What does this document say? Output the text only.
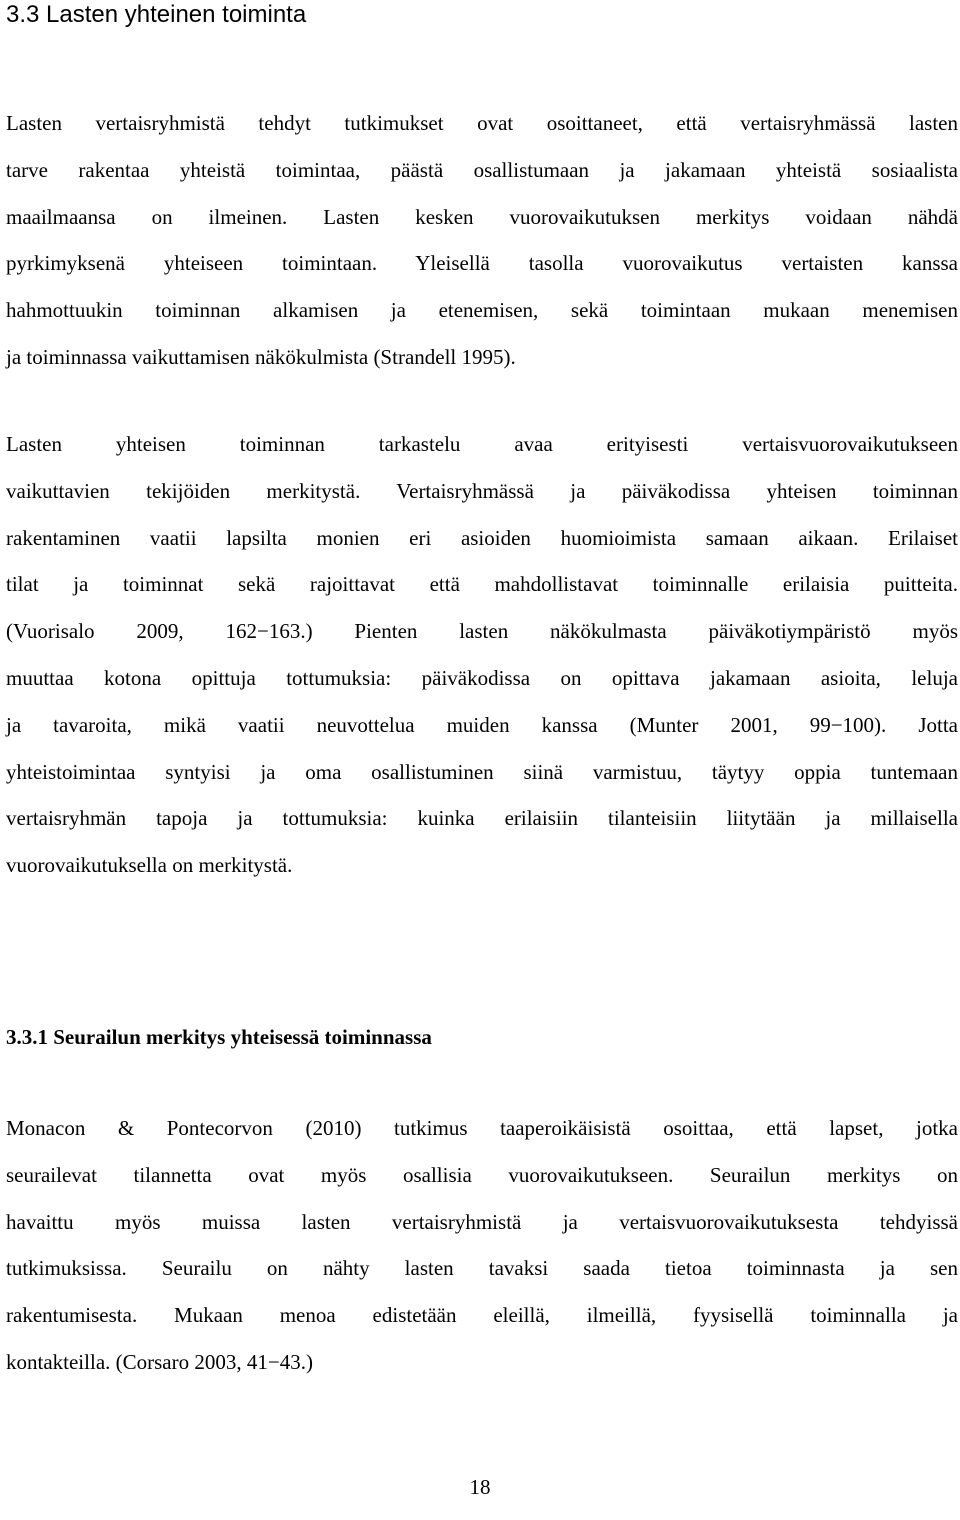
3.3 Lasten yhteinen toiminta

Lasten vertaisryhmistä tehdyt tutkimukset ovat osoittaneet, että vertaisryhmässä lasten
tarve rakentaa yhteistä toimintaa, päästä osallistumaan ja jakamaan yhteistä sosiaalista
maailmaansa on ilmeinen. Lasten kesken vuorovaikutuksen merkitys voidaan nähdä
pyrkimyksenä yhteiseen toimintaan. Yleisellä tasolla vuorovaikutus vertaisten kanssa
hahmottuukin toiminnan alkamisen ja etenemisen, sekä toimintaan mukaan menemisen
ja toiminnassa vaikuttamisen näkökulmista (Strandell 1995).

Lasten yhteisen toiminnan tarkastelu avaa erityisesti vertaisvuorovaikutukseen
vaikuttavien tekijöiden merkitystä. Vertaisryhmässä ja päiväkodissa yhteisen toiminnan
rakentaminen vaatii lapsilta monien eri asioiden huomioimista samaan aikaan. Erilaiset
tilat ja toiminnat sekä rajoittavat että mahdollistavat toiminnalle erilaisia puitteita.
(Vuorisalo 2009, 162−163.) Pienten lasten näkökulmasta päiväkotiympäristö myös
muuttaa kotona opittuja tottumuksia: päiväkodissa on opittava jakamaan asioita, leluja
ja tavaroita, mikä vaatii neuvottelua muiden kanssa (Munter 2001, 99−100). Jotta
yhteistoimintaa syntyisi ja oma osallistuminen siinä varmistuu, täytyy oppia tuntemaan
vertaisryhmän tapoja ja tottumuksia: kuinka erilaisiin tilanteisiin liitytään ja millaisella
vuorovaikutuksella on merkitystä.

3.3.1 Seurailun merkitys yhteisessä toiminnassa

Monacon & Pontecorvon (2010) tutkimus taaperoikäisistä osoittaa, että lapset, jotka
seurailevat tilannetta ovat myös osallisia vuorovaikutukseen. Seurailun merkitys on
havaittu myös muissa lasten vertaisryhmistä ja vertaisvuorovaikutuksesta tehdyissä
tutkimuksissa. Seurailu on nähty lasten tavaksi saada tietoa toiminnasta ja sen
rakentumisesta. Mukaan menoa edistetään eleillä, ilmeillä, fyysisellä toiminnalla ja
kontakteilla. (Corsaro 2003, 41−43.)

18
